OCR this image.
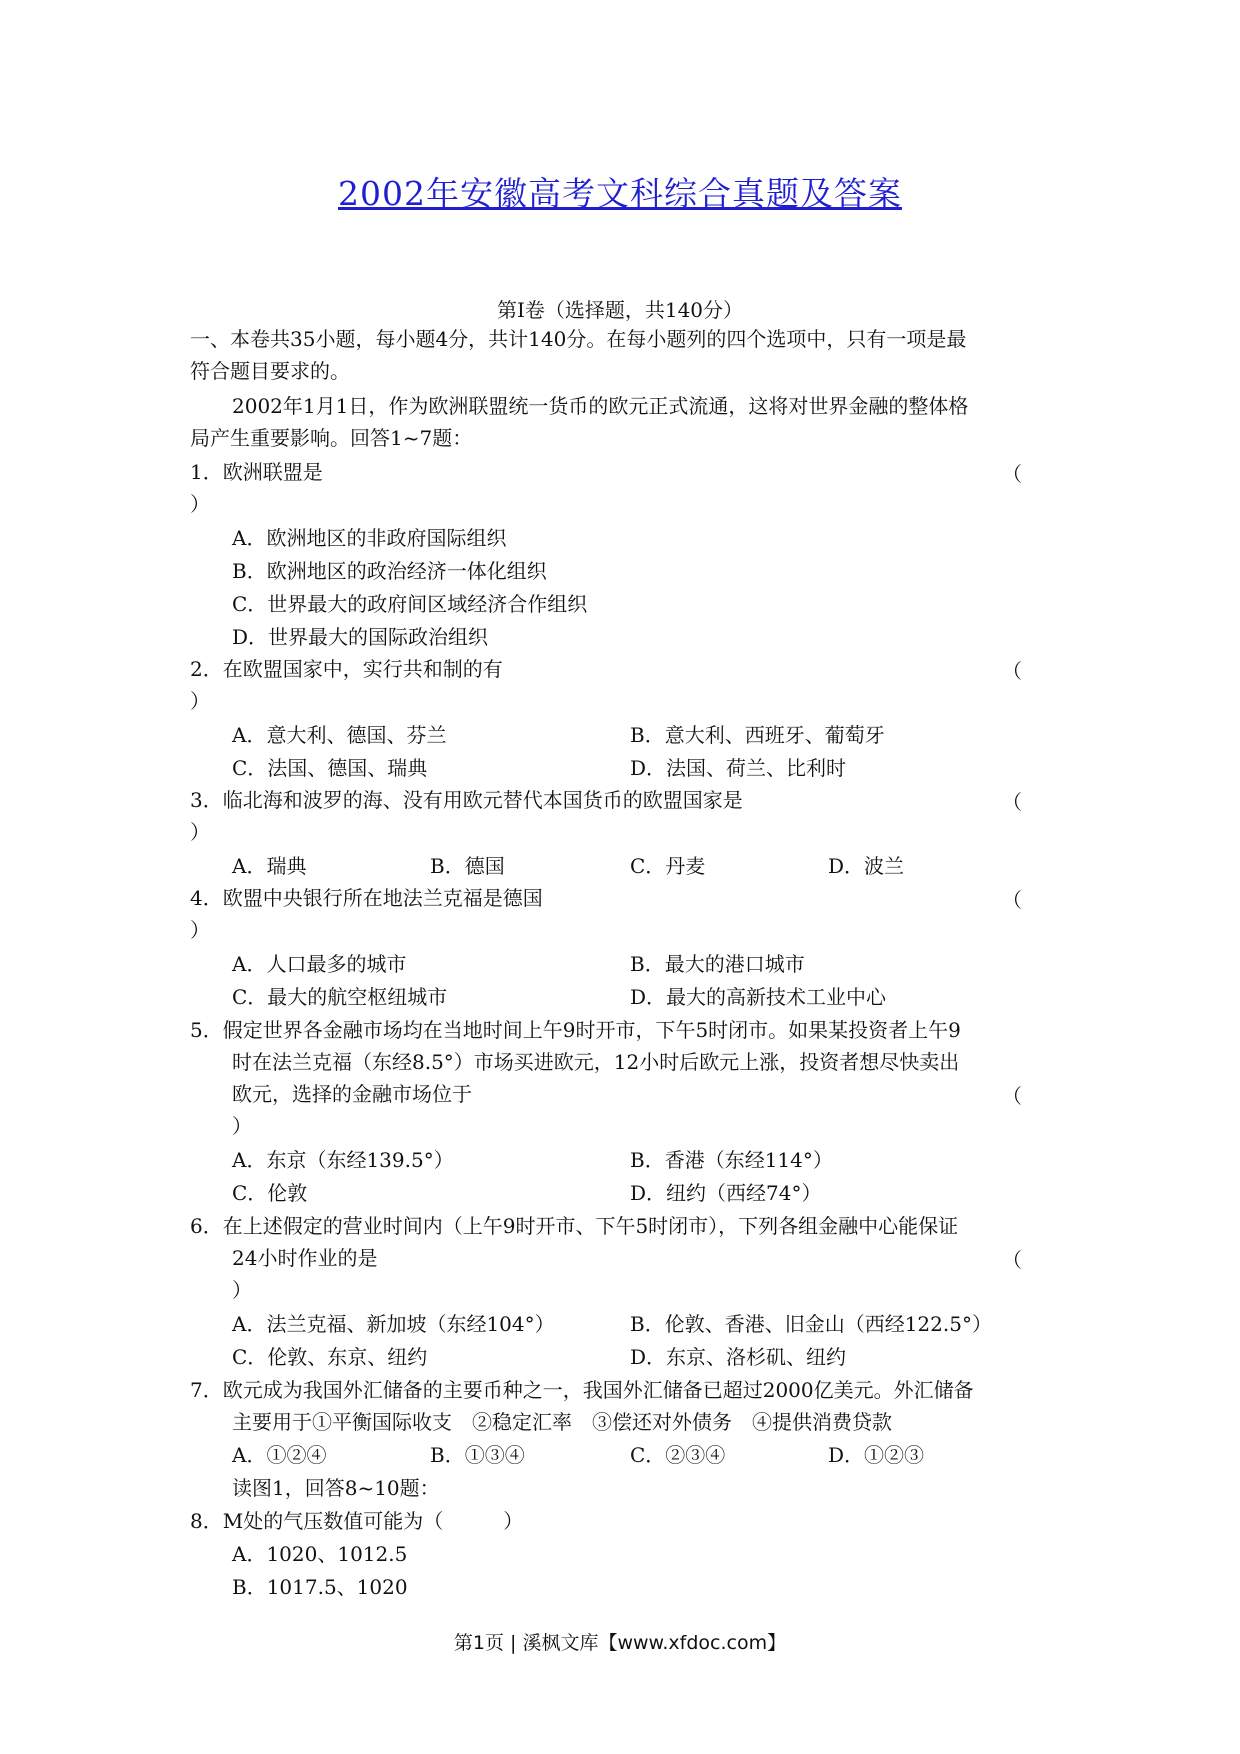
2002年安徽高考文科综合真题及答案
第Ⅰ卷（选择题，共140分）
一、本卷共35小题，每小题4分，共计140分。在每小题列的四个选项中，只有一项是最
符合题目要求的。
2002年1月1日，作为欧洲联盟统一货币的欧元正式流通，这将对世界金融的整体格
局产生重要影响。回答1~7题：
1．欧洲联盟是	（
）
A．欧洲地区的非政府国际组织
B．欧洲地区的政治经济一体化组织
C．世界最大的政府间区域经济合作组织
D．世界最大的国际政治组织
2．在欧盟国家中，实行共和制的有	（
）
A．意大利、德国、芬兰	B．意大利、西班牙、葡萄牙
C．法国、德国、瑞典	D．法国、荷兰、比利时
3．临北海和波罗的海、没有用欧元替代本国货币的欧盟国家是	（
）
A．瑞典	B．德国	C．丹麦	D．波兰
4．欧盟中央银行所在地法兰克福是德国	（
）
A．人口最多的城市	B．最大的港口城市
C．最大的航空枢纽城市	D．最大的高新技术工业中心
5．假定世界各金融市场均在当地时间上午9时开市，下午5时闭市。如果某投资者上午9
时在法兰克福（东经8.5°）市场买进欧元，12小时后欧元上涨，投资者想尽快卖出
欧元，选择的金融市场位于	（
）
A．东京（东经139.5°）	B．香港（东经114°）
C．伦敦	D．纽约（西经74°）
6．在上述假定的营业时间内（上午9时开市、下午5时闭市），下列各组金融中心能保证
24小时作业的是	（
）
A．法兰克福、新加坡（东经104°）	B．伦敦、香港、旧金山（西经122.5°）
C．伦敦、东京、纽约	D．东京、洛杉矶、纽约
7．欧元成为我国外汇储备的主要币种之一，我国外汇储备已超过2000亿美元。外汇储备
主要用于①平衡国际收支　②稳定汇率　③偿还对外债务　④提供消费贷款
A．①②④	B．①③④	C．②③④	D．①②③
读图1，回答8~10题：
8．M处的气压数值可能为（　　　）
A．1020、1012.5
B．1017.5、1020
第1页 | 溪枫文库【www.xfdoc.com】
